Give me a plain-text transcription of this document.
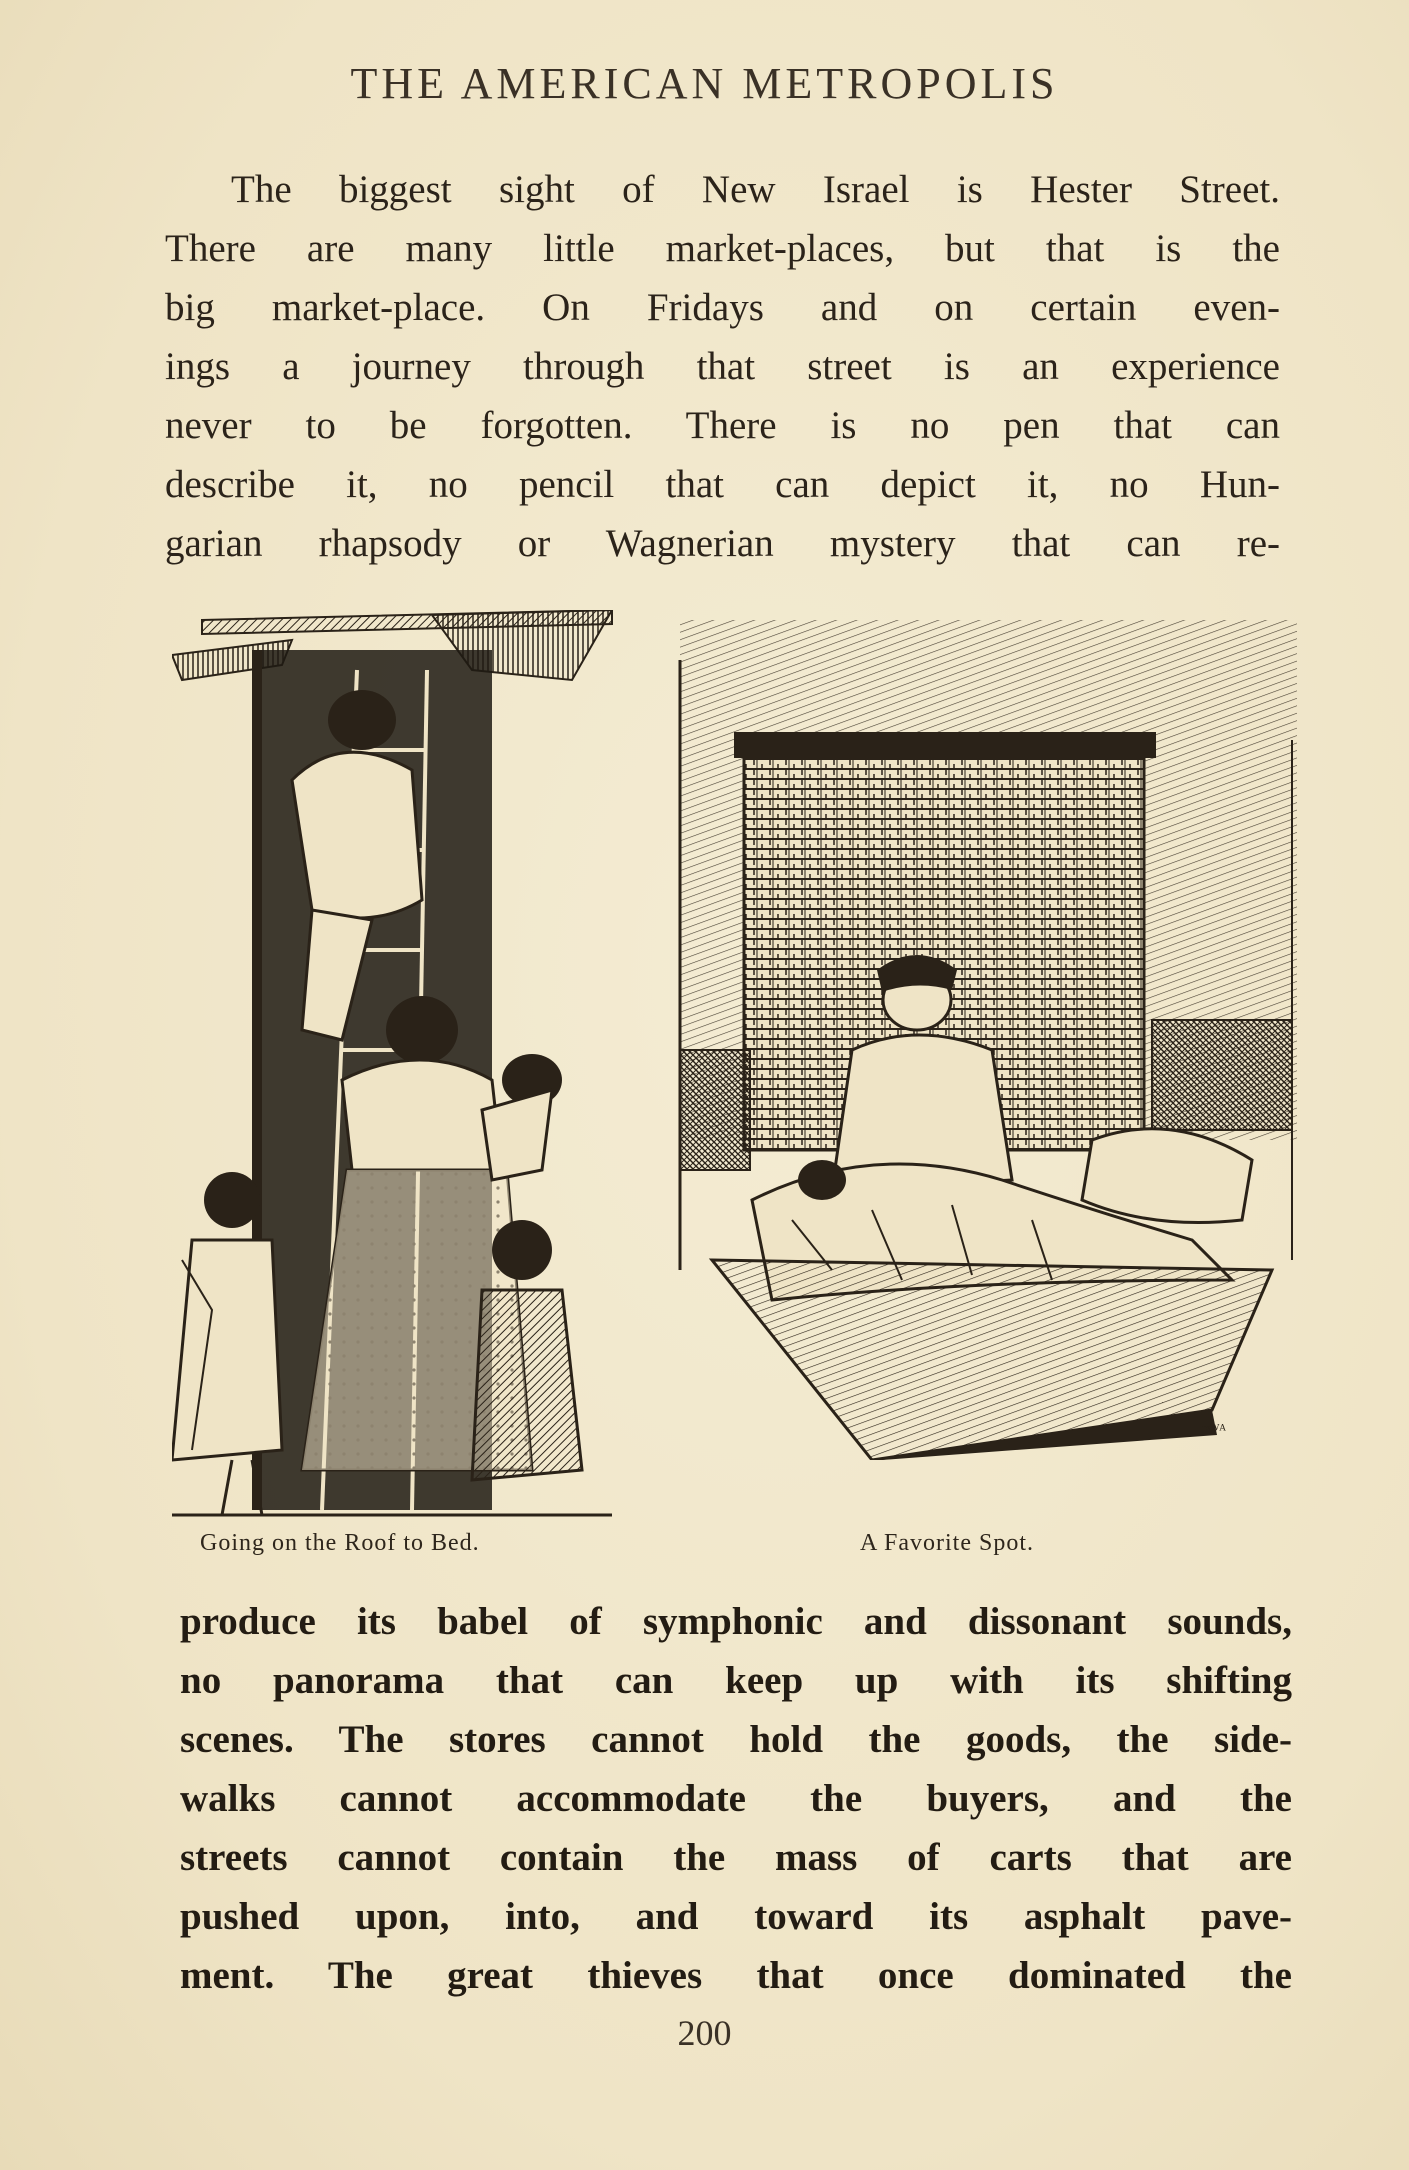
THE AMERICAN METROPOLIS
The biggest sight of New Israel is Hester Street.
There are many little market-places, but that is the
big market-place. On Fridays and on certain even-
ings a journey through that street is an experience
never to be forgotten. There is no pen that can
describe it, no pencil that can depict it, no Hun-
garian rhapsody or Wagnerian mystery that can re-
ᵖˢᵂᴬ
Going on the Roof to Bed.	A Favorite Spot.
produce its babel of symphonic and dissonant sounds,
no panorama that can keep up with its shifting
scenes. The stores cannot hold the goods, the side-
walks cannot accommodate the buyers, and the
streets cannot contain the mass of carts that are
pushed upon, into, and toward its asphalt pave-
ment. The great thieves that once dominated the
200
